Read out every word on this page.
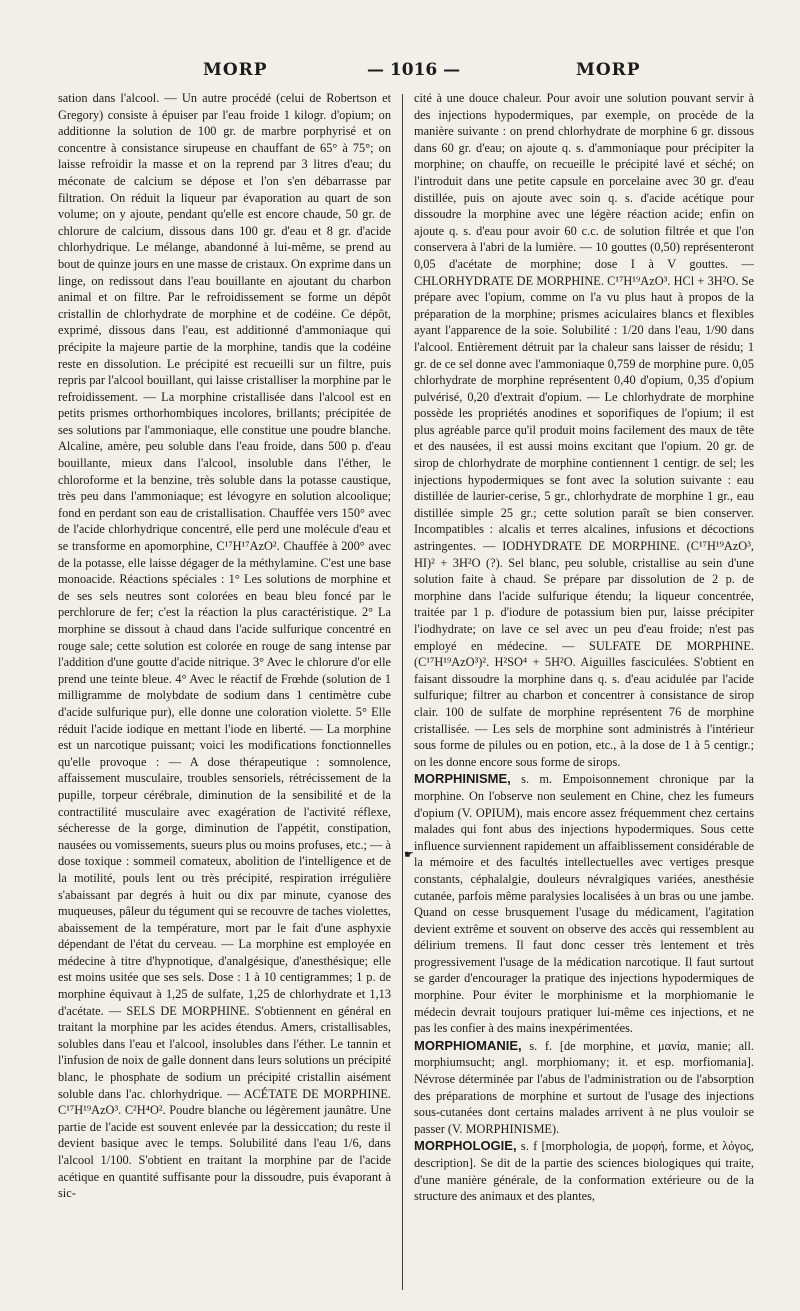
MORP	— 1016 —	MORP

sation dans l'alcool. — Un autre procédé (celui de Robertson et Gregory) consiste à épuiser par l'eau froide 1 kilogr. d'opium; on additionne la solution de 100 gr. de marbre porphyrisé et on concentre à consistance sirupeuse en chauffant de 65° à 75°; on laisse refroidir la masse et on la reprend par 3 litres d'eau; du méconate de calcium se dépose et l'on s'en débarrasse par filtration. On réduit la liqueur par évaporation au quart de son volume; on y ajoute, pendant qu'elle est encore chaude, 50 gr. de chlorure de calcium, dissous dans 100 gr. d'eau et 8 gr. d'acide chlorhydrique. Le mélange, abandonné à lui-même, se prend au bout de quinze jours en une masse de cristaux. On exprime dans un linge, on redissout dans l'eau bouillante en ajoutant du charbon animal et on filtre. Par le refroidissement se forme un dépôt cristallin de chlorhydrate de morphine et de codéine. Ce dépôt, exprimé, dissous dans l'eau, est additionné d'ammoniaque qui précipite la majeure partie de la morphine, tandis que la codéine reste en dissolution. Le précipité est recueilli sur un filtre, puis repris par l'alcool bouillant, qui laisse cristalliser la morphine par le refroidissement. — La morphine cristallisée dans l'alcool est en petits prismes orthorhombiques incolores, brillants; précipitée de ses solutions par l'ammoniaque, elle constitue une poudre blanche. Alcaline, amère, peu soluble dans l'eau froide, dans 500 p. d'eau bouillante, mieux dans l'alcool, insoluble dans l'éther, le chloroforme et la benzine, très soluble dans la potasse caustique, très peu dans l'ammoniaque; est lévogyre en solution alcoolique; fond en perdant son eau de cristallisation. Chauffée vers 150° avec de l'acide chlorhydrique concentré, elle perd une molécule d'eau et se transforme en apomorphine, C¹⁷H¹⁷AzO². Chauffée à 200° avec de la potasse, elle laisse dégager de la méthylamine. C'est une base monoacide. Réactions spéciales : 1° Les solutions de morphine et de ses sels neutres sont colorées en beau bleu foncé par le perchlorure de fer; c'est la réaction la plus caractéristique. 2° La morphine se dissout à chaud dans l'acide sulfurique concentré en rouge sale; cette solution est colorée en rouge de sang intense par l'addition d'une goutte d'acide nitrique. 3° Avec le chlorure d'or elle prend une teinte bleue. 4° Avec le réactif de Frœhde (solution de 1 milligramme de molybdate de sodium dans 1 centimètre cube d'acide sulfurique pur), elle donne une coloration violette. 5° Elle réduit l'acide iodique en mettant l'iode en liberté. — La morphine est un narcotique puissant; voici les modifications fonctionnelles qu'elle provoque : — A dose thérapeutique : somnolence, affaissement musculaire, troubles sensoriels, rétrécissement de la pupille, torpeur cérébrale, diminution de la sensibilité et de la contractilité musculaire avec exagération de l'activité réflexe, sécheresse de la gorge, diminution de l'appétit, constipation, nausées ou vomissements, sueurs plus ou moins profuses, etc.; — à dose toxique : sommeil comateux, abolition de l'intelligence et de la motilité, pouls lent ou très précipité, respiration irrégulière s'abaissant par degrés à huit ou dix par minute, cyanose des muqueuses, pâleur du tégument qui se recouvre de taches violettes, abaissement de la température, mort par le fait d'une asphyxie dépendant de l'état du cerveau. — La morphine est employée en médecine à titre d'hypnotique, d'analgésique, d'anesthésique; elle est moins usitée que ses sels. Dose : 1 à 10 centigrammes; 1 p. de morphine équivaut à 1,25 de sulfate, 1,25 de chlorhydrate et 1,13 d'acétate. — SELS DE MORPHINE. S'obtiennent en général en traitant la morphine par les acides étendus. Amers, cristallisables, solubles dans l'eau et l'alcool, insolubles dans l'éther. Le tannin et l'infusion de noix de galle donnent dans leurs solutions un précipité blanc, le phosphate de sodium un précipité cristallin aisément soluble dans l'ac. chlorhydrique. — ACÉTATE DE MORPHINE. C¹⁷H¹⁹AzO³. C²H⁴O². Poudre blanche ou légèrement jaunâtre. Une partie de l'acide est souvent enlevée par la dessiccation; du reste il devient basique avec le temps. Solubilité dans l'eau 1/6, dans l'alcool 1/100. S'obtient en traitant la morphine par de l'acide acétique en quantité suffisante pour la dissoudre, puis évaporant à sic-

☛

cité à une douce chaleur. Pour avoir une solution pouvant servir à des injections hypodermiques, par exemple, on procède de la manière suivante : on prend chlorhydrate de morphine 6 gr. dissous dans 60 gr. d'eau; on ajoute q. s. d'ammoniaque pour précipiter la morphine; on chauffe, on recueille le précipité lavé et séché; on l'introduit dans une petite capsule en porcelaine avec 30 gr. d'eau distillée, puis on ajoute avec soin q. s. d'acide acétique pour dissoudre la morphine avec une légère réaction acide; enfin on ajoute q. s. d'eau pour avoir 60 c.c. de solution filtrée et que l'on conservera à l'abri de la lumière. — 10 gouttes (0,50) représenteront 0,05 d'acétate de morphine; dose I à V gouttes. — CHLORHYDRATE DE MORPHINE. C¹⁷H¹⁹AzO³. HCl + 3H²O. Se prépare avec l'opium, comme on l'a vu plus haut à propos de la préparation de la morphine; prismes aciculaires blancs et flexibles ayant l'apparence de la soie. Solubilité : 1/20 dans l'eau, 1/90 dans l'alcool. Entièrement détruit par la chaleur sans laisser de résidu; 1 gr. de ce sel donne avec l'ammoniaque 0,759 de morphine pure. 0,05 chlorhydrate de morphine représentent 0,40 d'opium, 0,35 d'opium pulvérisé, 0,20 d'extrait d'opium. — Le chlorhydrate de morphine possède les propriétés anodines et soporifiques de l'opium; il est plus agréable parce qu'il produit moins facilement des maux de tête et des nausées, il est aussi moins excitant que l'opium. 20 gr. de sirop de chlorhydrate de morphine contiennent 1 centigr. de sel; les injections hypodermiques se font avec la solution suivante : eau distillée de laurier-cerise, 5 gr., chlorhydrate de morphine 1 gr., eau distillée simple 25 gr.; cette solution paraît se bien conserver. Incompatibles : alcalis et terres alcalines, infusions et décoctions astringentes. — IODHYDRATE DE MORPHINE. (C¹⁷H¹⁹AzO³, HI)² + 3H²O (?). Sel blanc, peu soluble, cristallise au sein d'une solution faite à chaud. Se prépare par dissolution de 2 p. de morphine dans l'acide sulfurique étendu; la liqueur concentrée, traitée par 1 p. d'iodure de potassium bien pur, laisse précipiter l'iodhydrate; on lave ce sel avec un peu d'eau froide; n'est pas employé en médecine. — SULFATE DE MORPHINE. (C¹⁷H¹⁹AzO³)². H²SO⁴ + 5H²O. Aiguilles fasciculées. S'obtient en faisant dissoudre la morphine dans q. s. d'eau acidulée par l'acide sulfurique; filtrer au charbon et concentrer à consistance de sirop clair. 100 de sulfate de morphine représentent 76 de morphine cristallisée. — Les sels de morphine sont administrés à l'intérieur sous forme de pilules ou en potion, etc., à la dose de 1 à 5 centigr.; on les donne encore sous forme de sirops.

MORPHINISME, s. m. Empoisonnement chronique par la morphine. On l'observe non seulement en Chine, chez les fumeurs d'opium (V. OPIUM), mais encore assez fréquemment chez certains malades qui font abus des injections hypodermiques. Sous cette influence surviennent rapidement un affaiblissement considérable de la mémoire et des facultés intellectuelles avec vertiges presque constants, céphalalgie, douleurs névralgiques variées, anesthésie cutanée, parfois même paralysies localisées à un bras ou une jambe. Quand on cesse brusquement l'usage du médicament, l'agitation devient extrême et souvent on observe des accès qui ressemblent au délirium tremens. Il faut donc cesser très lentement et très progressivement l'usage de la médication narcotique. Il faut surtout se garder d'encourager la pratique des injections hypodermiques de morphine. Pour éviter le morphinisme et la morphiomanie le médecin devrait toujours pratiquer lui-même ces injections, et ne pas les confier à des mains inexpérimentées.

MORPHIOMANIE, s. f. [de morphine, et μανία, manie; all. morphiumsucht; angl. morphiomany; it. et esp. morfiomania]. Névrose déterminée par l'abus de l'administration ou de l'absorption des préparations de morphine et surtout de l'usage des injections sous-cutanées dont certains malades arrivent à ne plus vouloir se passer (V. MORPHINISME).

MORPHOLOGIE, s. f [morphologia, de μορφή, forme, et λόγος, description]. Se dit de la partie des sciences biologiques qui traite, d'une manière générale, de la conformation extérieure ou de la structure des animaux et des plantes,
